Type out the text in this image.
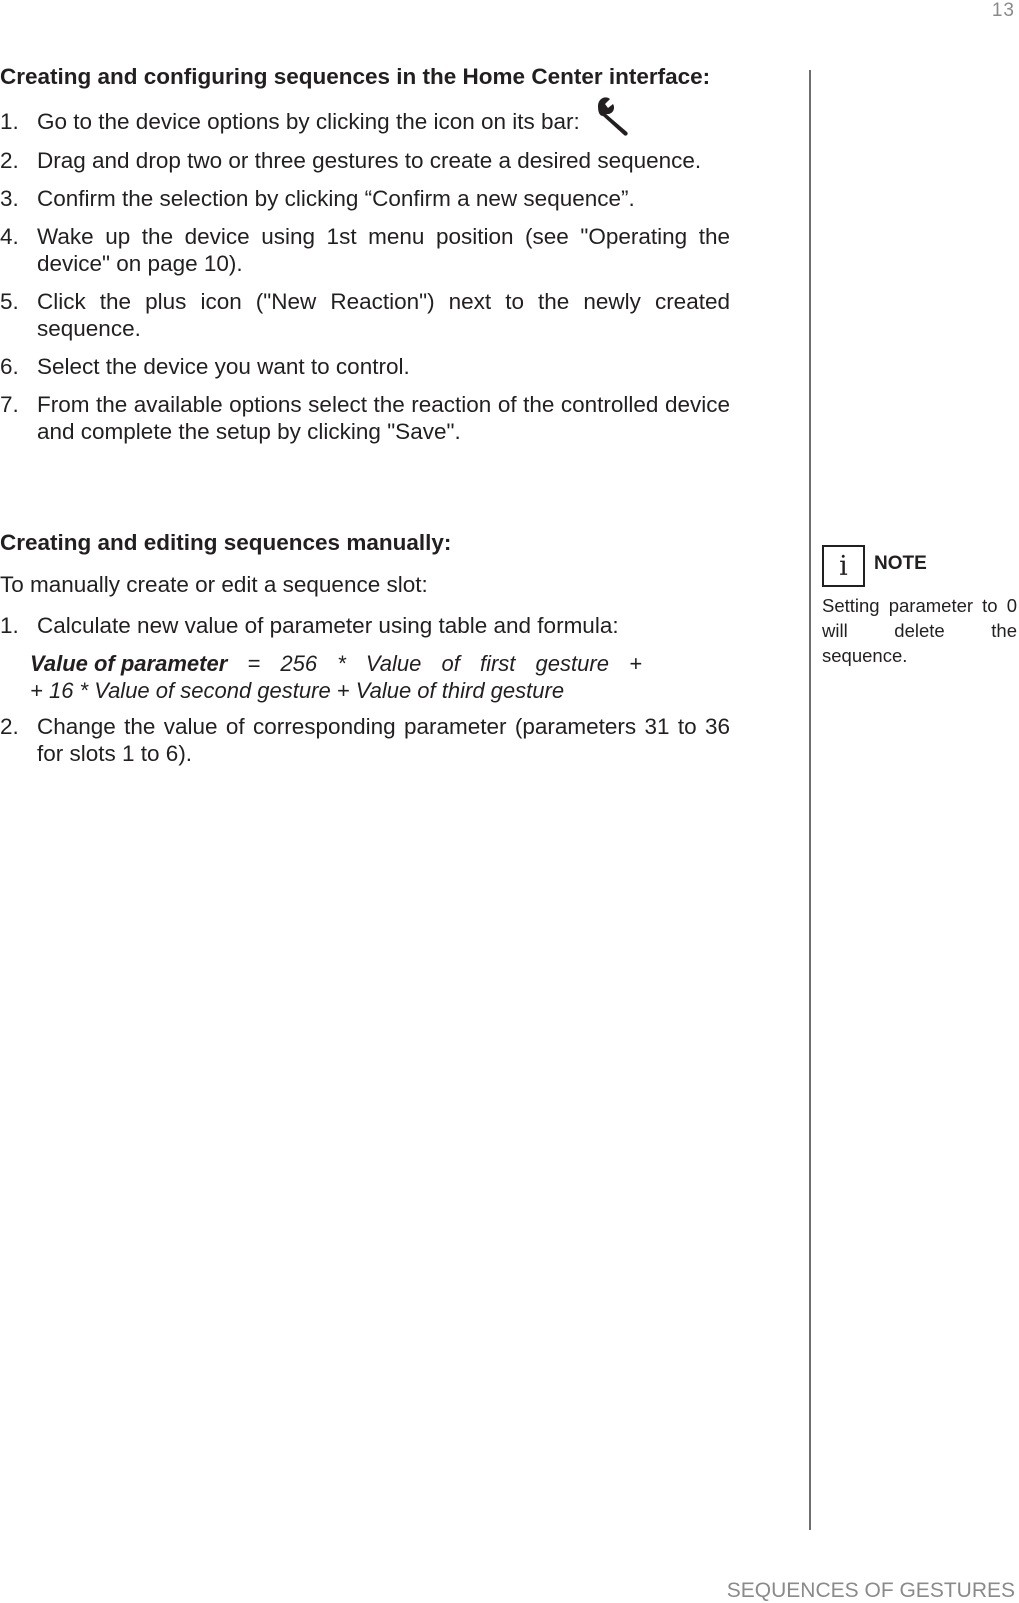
13
Creating and configuring sequences in the Home Center interface:
1. Go to the device options by clicking the icon on its bar:
2. Drag and drop two or three gestures to create a desired sequence.
3. Confirm the selection by clicking “Confirm a new sequence”.
4. Wake up the device using 1st menu position (see "Operating the device" on page 10).
5. Click the plus icon ("New Reaction") next to the newly created sequence.
6. Select the device you want to control.
7. From the available options select the reaction of the controlled device and complete the setup by clicking "Save".
Creating and editing sequences manually:
To manually create or edit a sequence slot:
1. Calculate new value of parameter using table and formula:
Value of parameter = 256 * Value of first gesture +
+ 16 * Value of second gesture + Value of third gesture
2. Change the value of corresponding parameter (parameters 31 to 36 for slots 1 to 6).
i	NOTE
Setting parameter to 0 will delete the sequence.
SEQUENCES OF GESTURES
